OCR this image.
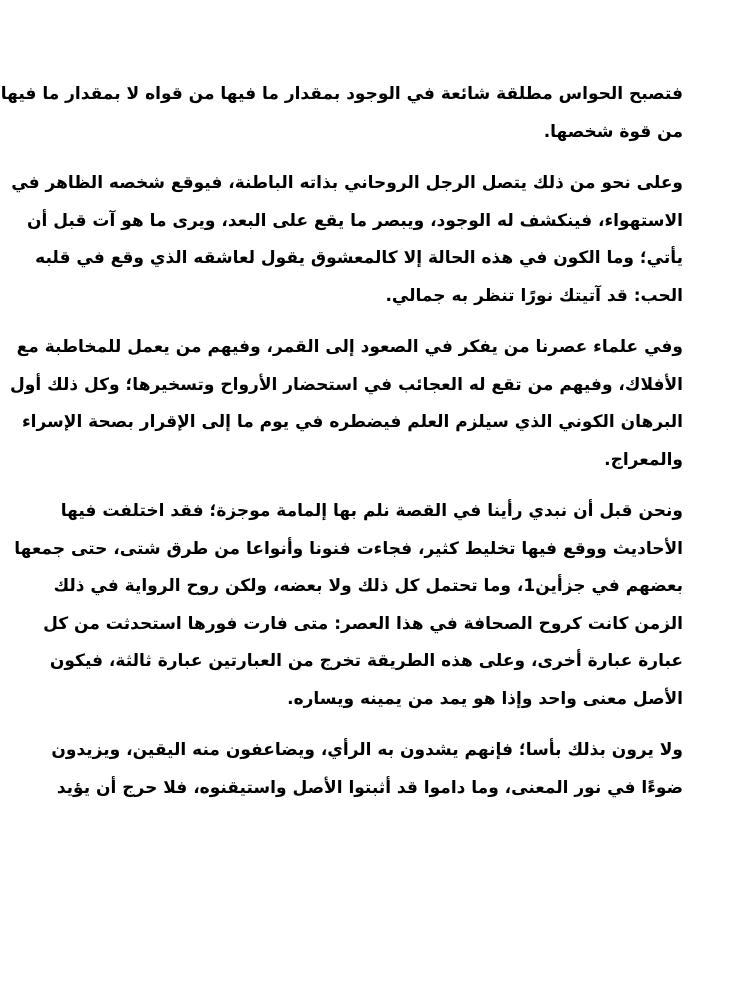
فتصبح الحواس مطلقة شائعة في الوجود بمقدار ما فيها من قواه لا بمقدار ما فيها
من قوة شخصها.

وعلى نحو من ذلك يتصل الرجل الروحاني بذاته الباطنة، فيوقع شخصه الظاهر في
الاستهواء، فينكشف له الوجود، ويبصر ما يقع على البعد، ويرى ما هو آت قبل أن
يأتي؛ وما الكون في هذه الحالة إلا كالمعشوق يقول لعاشقه الذي وقع في قلبه
الحب: قد آتيتك نورًا تنظر به جمالي.

وفي علماء عصرنا من يفكر في الصعود إلى القمر، وفيهم من يعمل للمخاطبة مع
الأفلاك، وفيهم من تقع له العجائب في استحضار الأرواح وتسخيرها؛ وكل ذلك أول
البرهان الكوني الذي سيلزم العلم فيضطره في يوم ما إلى الإقرار بصحة الإسراء
والمعراج.

ونحن قبل أن نبدي رأينا في القصة نلم بها إلمامة موجزة؛ فقد اختلفت فيها
الأحاديث ووقع فيها تخليط كثير، فجاءت فنونا وأنواعا من طرق شتى، حتى جمعها
بعضهم في جزأين1، وما تحتمل كل ذلك ولا بعضه، ولكن روح الرواية في ذلك
الزمن كانت كروح الصحافة في هذا العصر: متى فارت فورها استحدثت من كل
عبارة عبارة أخرى، وعلى هذه الطريقة تخرج من العبارتين عبارة ثالثة، فيكون
الأصل معنى واحد وإذا هو يمد من يمينه ويساره.

ولا يرون بذلك بأسا؛ فإنهم يشدون به الرأي، ويضاعفون منه اليقين، ويزيدون
ضوءًا في نور المعنى، وما داموا قد أثبتوا الأصل واستيقنوه، فلا حرج أن يؤيد
